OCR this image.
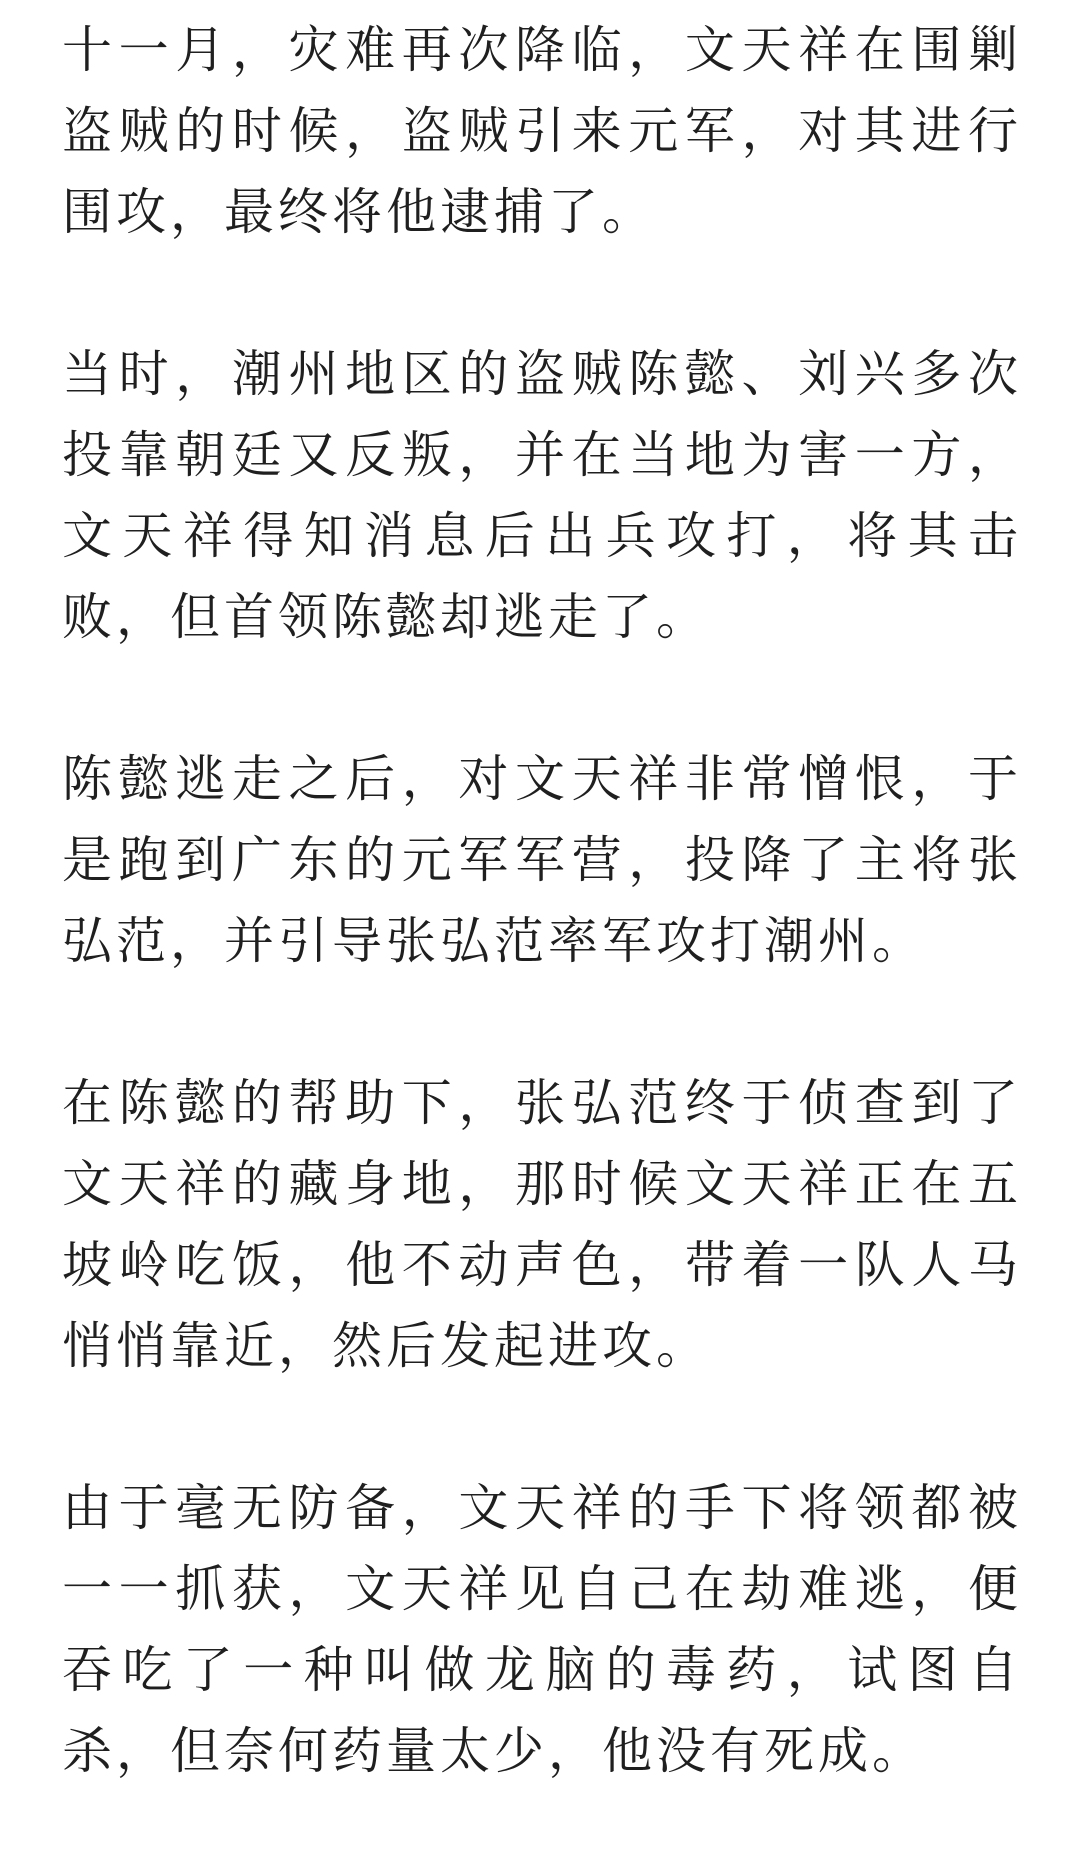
十一月，灾难再次降临，文天祥在围剿盗贼的时候，盗贼引来元军，对其进行围攻，最终将他逮捕了。

当时，潮州地区的盗贼陈懿、刘兴多次投靠朝廷又反叛，并在当地为害一方，文天祥得知消息后出兵攻打，将其击败，但首领陈懿却逃走了。

陈懿逃走之后，对文天祥非常憎恨，于是跑到广东的元军军营，投降了主将张弘范，并引导张弘范率军攻打潮州。

在陈懿的帮助下，张弘范终于侦查到了文天祥的藏身地，那时候文天祥正在五坡岭吃饭，他不动声色，带着一队人马悄悄靠近，然后发起进攻。

由于毫无防备，文天祥的手下将领都被一一抓获，文天祥见自己在劫难逃，便吞吃了一种叫做龙脑的毒药，试图自杀，但奈何药量太少，他没有死成。
